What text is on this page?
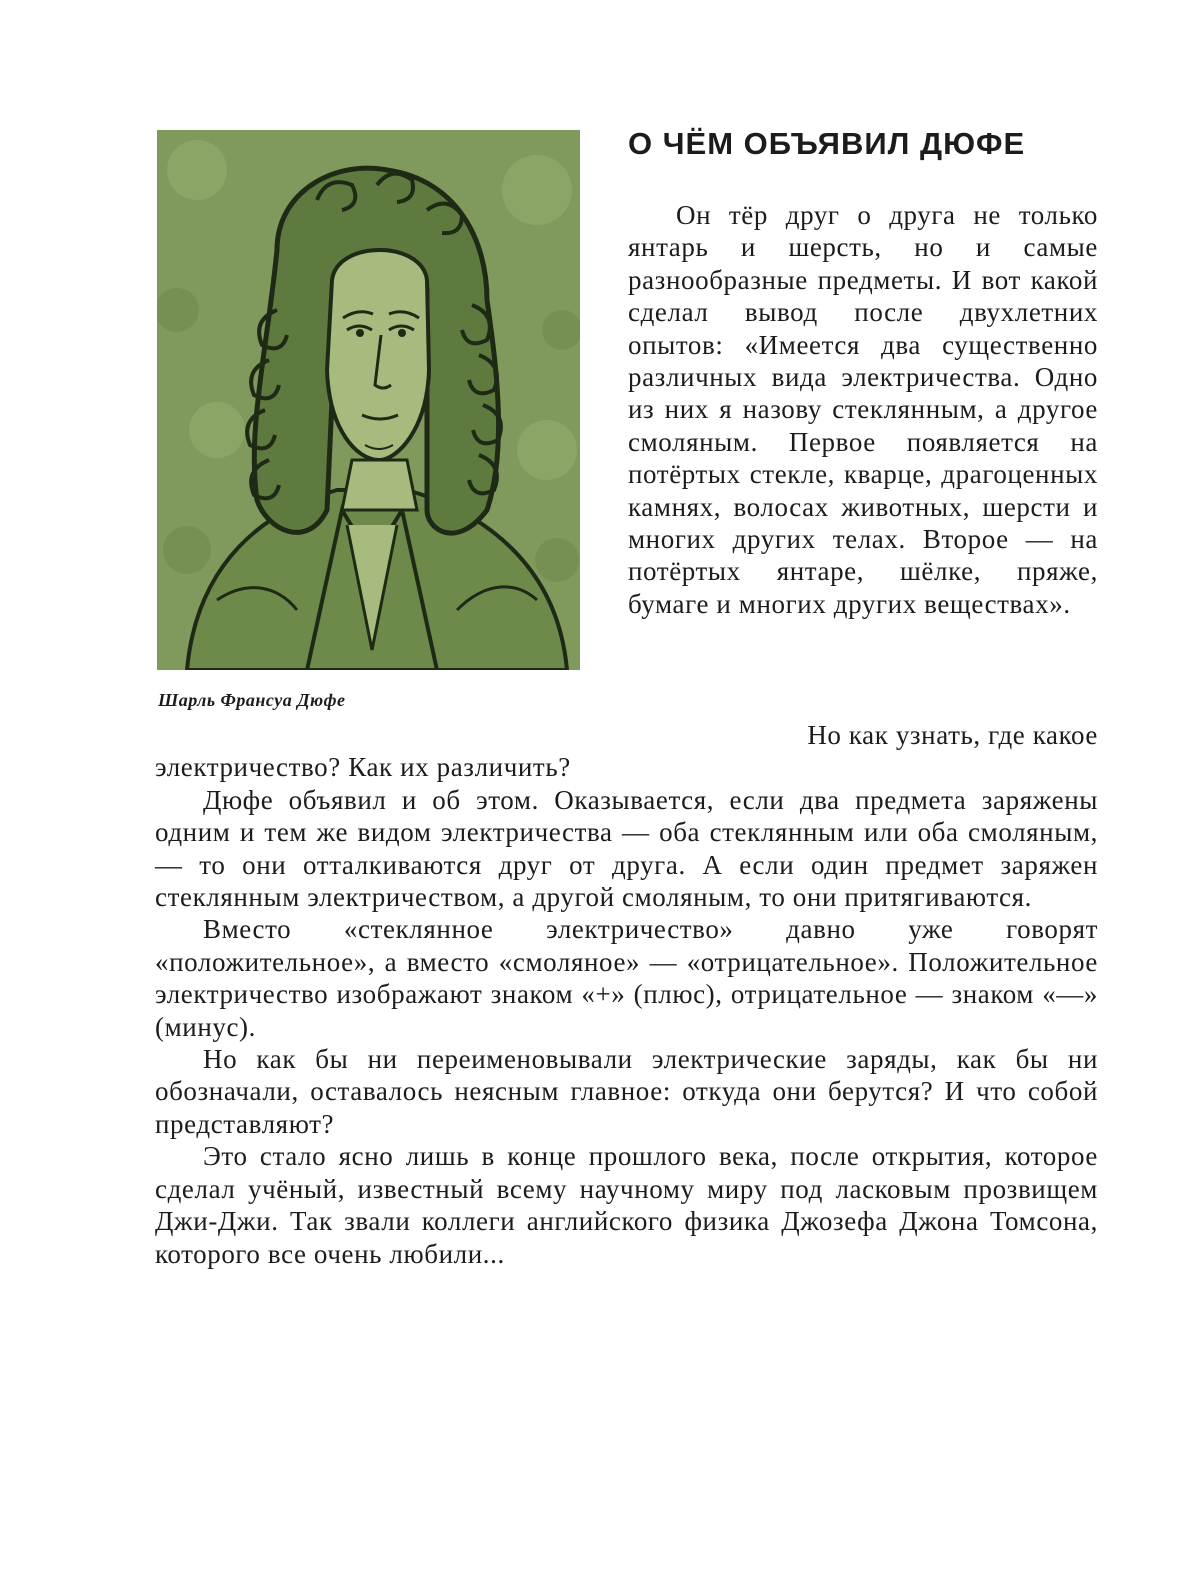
Шарль Франсуа Дюфе
О ЧЁМ ОБЪЯВИЛ ДЮФЕ

Он тёр друг о друга не только янтарь и шерсть, но и самые разнообразные предметы. И вот какой сделал вывод после двухлетних опытов: «Имеется два существенно различных вида электричества. Одно из них я назову стеклянным, а другое смоляным. Первое появляется на потёртых стекле, кварце, драгоценных камнях, волосах животных, шерсти и многих других телах. Второе — на потёртых янтаре, шёлке, пряже, бумаге и многих других веществах».

Но как узнать, где какое
электричество? Как их различить?

Дюфе объявил и об этом. Оказывается, если два предмета заряжены одним и тем же видом электричества — оба стеклянным или оба смоляным, — то они отталкиваются друг от друга. А если один предмет заряжен стеклянным электричеством, а другой смоляным, то они притягиваются.

Вместо «стеклянное электричество» давно уже говорят «положительное», а вместо «смоляное» — «отрицательное». Положительное электричество изображают знаком «+» (плюс), отрицательное — знаком «—» (минус).

Но как бы ни переименовывали электрические заряды, как бы ни обозначали, оставалось неясным главное: откуда они берутся? И что собой представляют?

Это стало ясно лишь в конце прошлого века, после открытия, которое сделал учёный, известный всему научному миру под ласковым прозвищем Джи-Джи. Так звали коллеги английского физика Джозефа Джона Томсона, которого все очень любили...
